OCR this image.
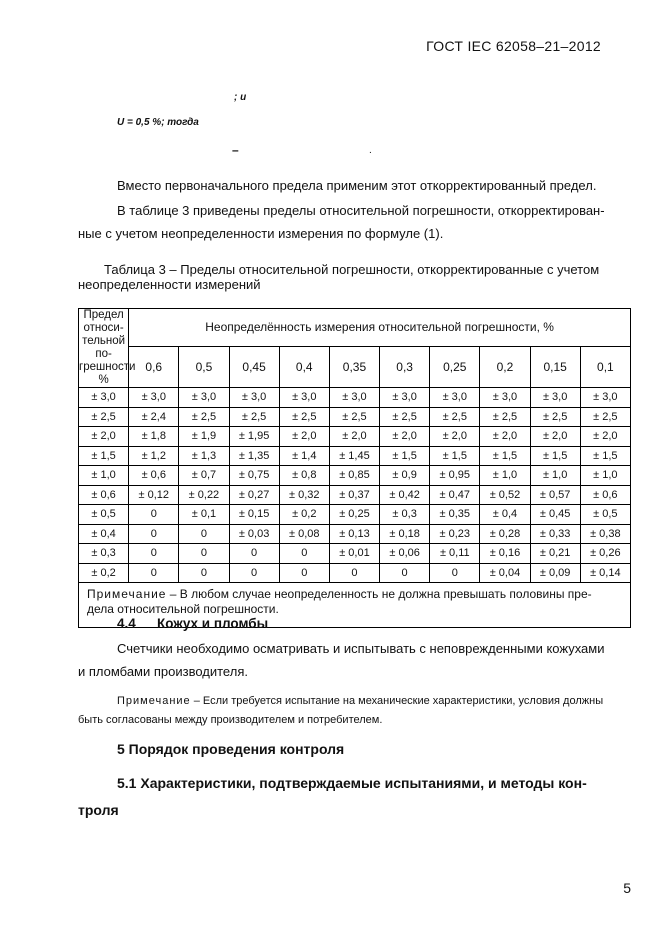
ГОСТ IEC 62058–21–2012
; u
U = 0,5 %; тогда
–	.
Вместо первоначального предела применим этот откорректированный предел.
В таблице 3 приведены пределы относительной погрешности, откорректирован-
ные с учетом неопределенности измерения по формуле (1).
Таблица 3 – Пределы относительной погрешности, откорректированные с учетом
неопределенности измерений
Предел относи-
тельной по-
грешности %	Неопределённость измерения относительной погрешности, %									
	0,6	0,5	0,45	0,4	0,35	0,3	0,25	0,2	0,15	0,1
± 3,0	± 3,0	± 3,0	± 3,0	± 3,0	± 3,0	± 3,0	± 3,0	± 3,0	± 3,0	± 3,0
± 2,5	± 2,4	± 2,5	± 2,5	± 2,5	± 2,5	± 2,5	± 2,5	± 2,5	± 2,5	± 2,5
± 2,0	± 1,8	± 1,9	± 1,95	± 2,0	± 2,0	± 2,0	± 2,0	± 2,0	± 2,0	± 2,0
± 1,5	± 1,2	± 1,3	± 1,35	± 1,4	± 1,45	± 1,5	± 1,5	± 1,5	± 1,5	± 1,5
± 1,0	± 0,6	± 0,7	± 0,75	± 0,8	± 0,85	± 0,9	± 0,95	± 1,0	± 1,0	± 1,0
± 0,6	± 0,12	± 0,22	± 0,27	± 0,32	± 0,37	± 0,42	± 0,47	± 0,52	± 0,57	± 0,6
± 0,5	0	± 0,1	± 0,15	± 0,2	± 0,25	± 0,3	± 0,35	± 0,4	± 0,45	± 0,5
± 0,4	0	0	± 0,03	± 0,08	± 0,13	± 0,18	± 0,23	± 0,28	± 0,33	± 0,38
± 0,3	0	0	0	0	± 0,01	± 0,06	± 0,11	± 0,16	± 0,21	± 0,26
± 0,2	0	0	0	0	0	0	0	± 0,04	± 0,09	± 0,14
Примечание – В любом случае неопределенность не должна превышать половины пре-
дела относительной погрешности.										
4.4 Кожух и пломбы
Счетчики необходимо осматривать и испытывать с неповрежденными кожухами
и пломбами производителя.
Примечание – Если требуется испытание на механические характеристики, условия должны
быть согласованы между производителем и потребителем.
5 Порядок проведения контроля
5.1 Характеристики, подтверждаемые испытаниями, и методы кон-
троля
5
